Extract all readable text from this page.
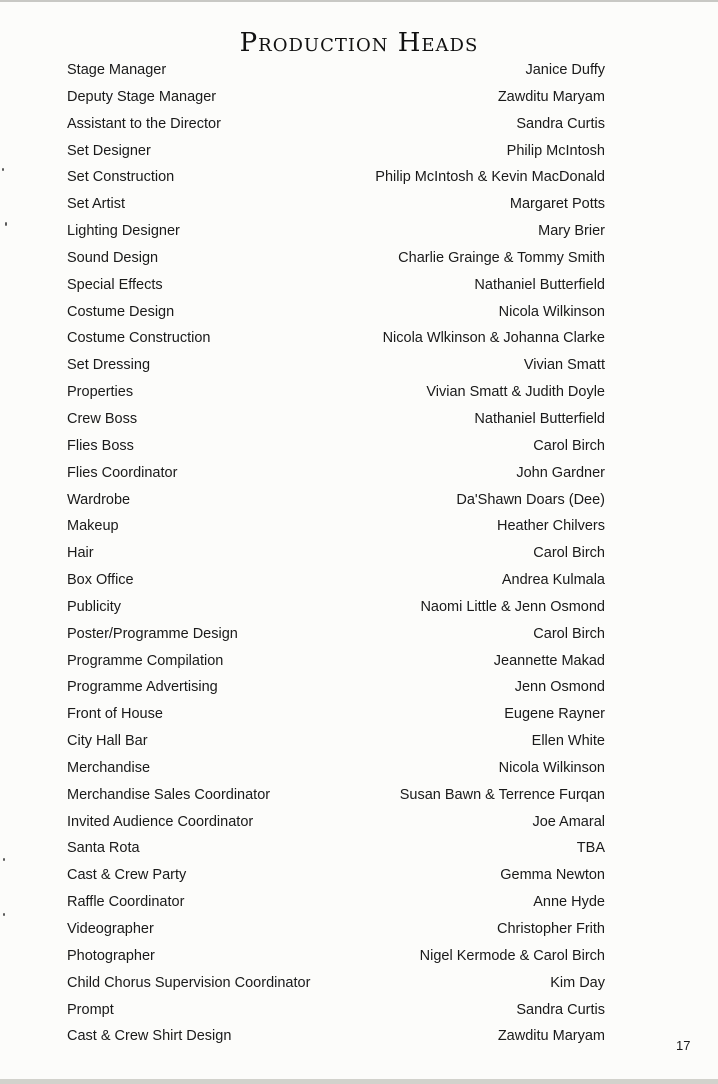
Production Heads
Stage Manager	Janice Duffy
Deputy Stage Manager	Zawditu Maryam
Assistant to the Director	Sandra Curtis
Set Designer	Philip McIntosh
Set Construction	Philip McIntosh & Kevin MacDonald
Set Artist	Margaret Potts
Lighting Designer	Mary Brier
Sound Design	Charlie Grainge & Tommy Smith
Special Effects	Nathaniel Butterfield
Costume Design	Nicola Wilkinson
Costume Construction	Nicola Wlkinson & Johanna Clarke
Set Dressing	Vivian Smatt
Properties	Vivian Smatt & Judith Doyle
Crew Boss	Nathaniel Butterfield
Flies Boss	Carol Birch
Flies Coordinator	John Gardner
Wardrobe	Da'Shawn Doars (Dee)
Makeup	Heather Chilvers
Hair	Carol Birch
Box Office	Andrea Kulmala
Publicity	Naomi Little & Jenn Osmond
Poster/Programme Design	Carol Birch
Programme Compilation	Jeannette Makad
Programme Advertising	Jenn Osmond
Front of House	Eugene Rayner
City Hall Bar	Ellen White
Merchandise	Nicola Wilkinson
Merchandise Sales Coordinator	Susan Bawn & Terrence Furqan
Invited Audience Coordinator	Joe Amaral
Santa Rota	TBA
Cast & Crew Party	Gemma Newton
Raffle Coordinator	Anne Hyde
Videographer	Christopher Frith
Photographer	Nigel Kermode & Carol Birch
Child Chorus Supervision Coordinator	Kim Day
Prompt	Sandra Curtis
Cast & Crew Shirt Design	Zawditu Maryam
17
